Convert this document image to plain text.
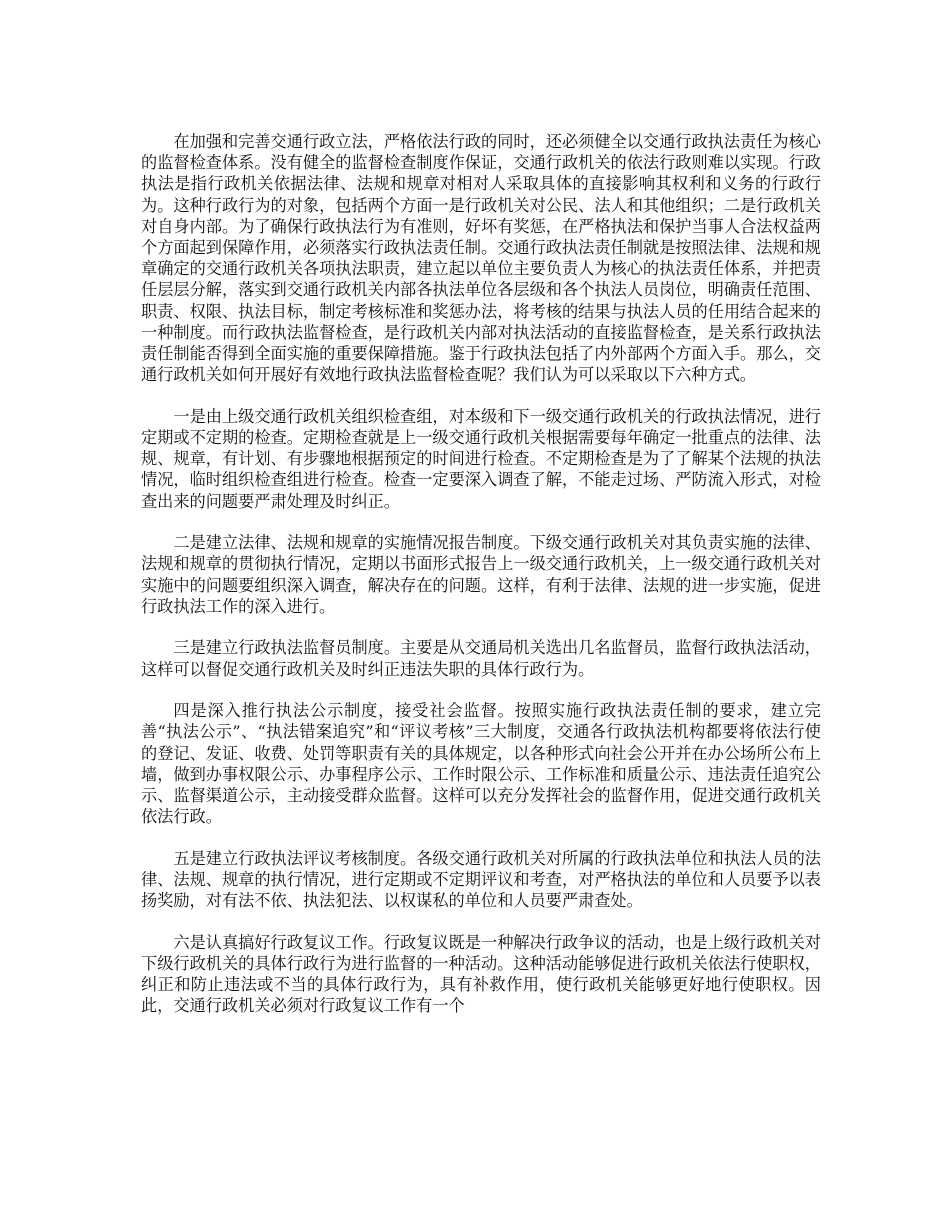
在加强和完善交通行政立法，严格依法行政的同时，还必须健全以交通行政执法责任为核心的监督检查体系。没有健全的监督检查制度作保证，交通行政机关的依法行政则难以实现。行政执法是指行政机关依据法律、法规和规章对相对人采取具体的直接影响其权利和义务的行政行为。这种行政行为的对象，包括两个方面一是行政机关对公民、法人和其他组织；二是行政机关对自身内部。为了确保行政执法行为有准则，好坏有奖惩，在严格执法和保护当事人合法权益两个方面起到保障作用，必须落实行政执法责任制。交通行政执法责任制就是按照法律、法规和规章确定的交通行政机关各项执法职责，建立起以单位主要负责人为核心的执法责任体系，并把责任层层分解，落实到交通行政机关内部各执法单位各层级和各个执法人员岗位，明确责任范围、职责、权限、执法目标，制定考核标准和奖惩办法，将考核的结果与执法人员的任用结合起来的一种制度。而行政执法监督检查，是行政机关内部对执法活动的直接监督检查，是关系行政执法责任制能否得到全面实施的重要保障措施。鉴于行政执法包括了内外部两个方面入手。那么，交通行政机关如何开展好有效地行政执法监督检查呢？我们认为可以采取以下六种方式。

一是由上级交通行政机关组织检查组，对本级和下一级交通行政机关的行政执法情况，进行定期或不定期的检查。定期检查就是上一级交通行政机关根据需要每年确定一批重点的法律、法规、规章，有计划、有步骤地根据预定的时间进行检查。不定期检查是为了了解某个法规的执法情况，临时组织检查组进行检查。检查一定要深入调查了解，不能走过场、严防流入形式，对检查出来的问题要严肃处理及时纠正。

二是建立法律、法规和规章的实施情况报告制度。下级交通行政机关对其负责实施的法律、法规和规章的贯彻执行情况，定期以书面形式报告上一级交通行政机关，上一级交通行政机关对实施中的问题要组织深入调查，解决存在的问题。这样，有利于法律、法规的进一步实施，促进行政执法工作的深入进行。

三是建立行政执法监督员制度。主要是从交通局机关选出几名监督员，监督行政执法活动，这样可以督促交通行政机关及时纠正违法失职的具体行政行为。

四是深入推行执法公示制度，接受社会监督。按照实施行政执法责任制的要求，建立完善“执法公示”、“执法错案追究”和“评议考核”三大制度，交通各行政执法机构都要将依法行使的登记、发证、收费、处罚等职责有关的具体规定，以各种形式向社会公开并在办公场所公布上墙，做到办事权限公示、办事程序公示、工作时限公示、工作标准和质量公示、违法责任追究公示、监督渠道公示，主动接受群众监督。这样可以充分发挥社会的监督作用，促进交通行政机关依法行政。

五是建立行政执法评议考核制度。各级交通行政机关对所属的行政执法单位和执法人员的法律、法规、规章的执行情况，进行定期或不定期评议和考查，对严格执法的单位和人员要予以表扬奖励，对有法不依、执法犯法、以权谋私的单位和人员要严肃查处。

六是认真搞好行政复议工作。行政复议既是一种解决行政争议的活动，也是上级行政机关对下级行政机关的具体行政行为进行监督的一种活动。这种活动能够促进行政机关依法行使职权，纠正和防止违法或不当的具体行政行为，具有补救作用，使行政机关能够更好地行使职权。因此，交通行政机关必须对行政复议工作有一个
